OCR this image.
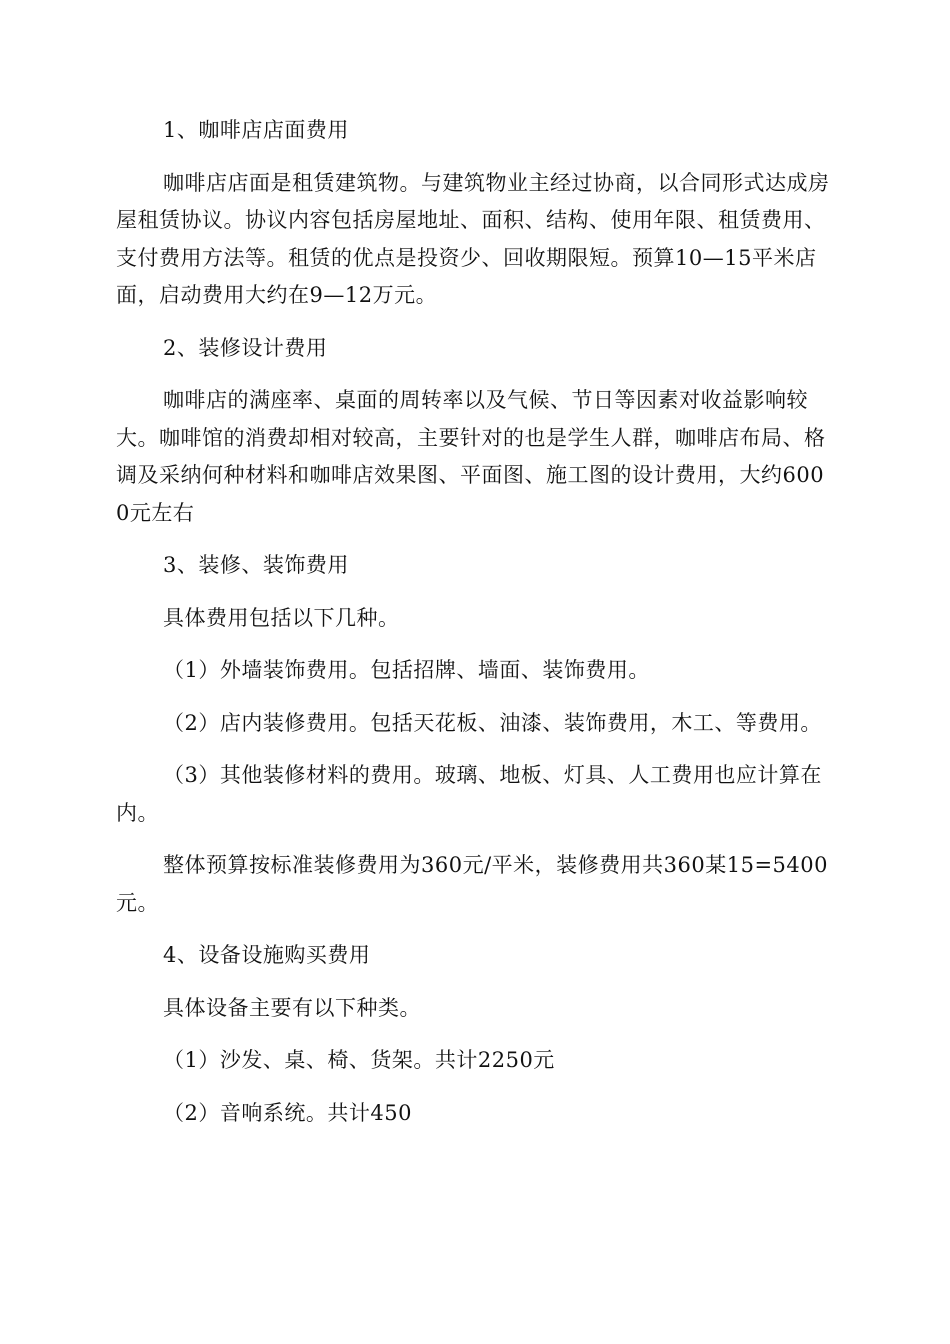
1、咖啡店店面费用

咖啡店店面是租赁建筑物。与建筑物业主经过协商，以合同形式达成房屋租赁协议。协议内容包括房屋地址、面积、结构、使用年限、租赁费用、支付费用方法等。租赁的优点是投资少、回收期限短。预算10—15平米店面，启动费用大约在9—12万元。

2、装修设计费用

咖啡店的满座率、桌面的周转率以及气候、节日等因素对收益影响较大。咖啡馆的消费却相对较高，主要针对的也是学生人群，咖啡店布局、格调及采纳何种材料和咖啡店效果图、平面图、施工图的设计费用，大约6000元左右

3、装修、装饰费用

具体费用包括以下几种。

（1）外墙装饰费用。包括招牌、墙面、装饰费用。

（2）店内装修费用。包括天花板、油漆、装饰费用，木工、等费用。

（3）其他装修材料的费用。玻璃、地板、灯具、人工费用也应计算在内。

整体预算按标准装修费用为360元/平米，装修费用共360某15=5400元。

4、设备设施购买费用

具体设备主要有以下种类。

（1）沙发、桌、椅、货架。共计2250元

（2）音响系统。共计450
